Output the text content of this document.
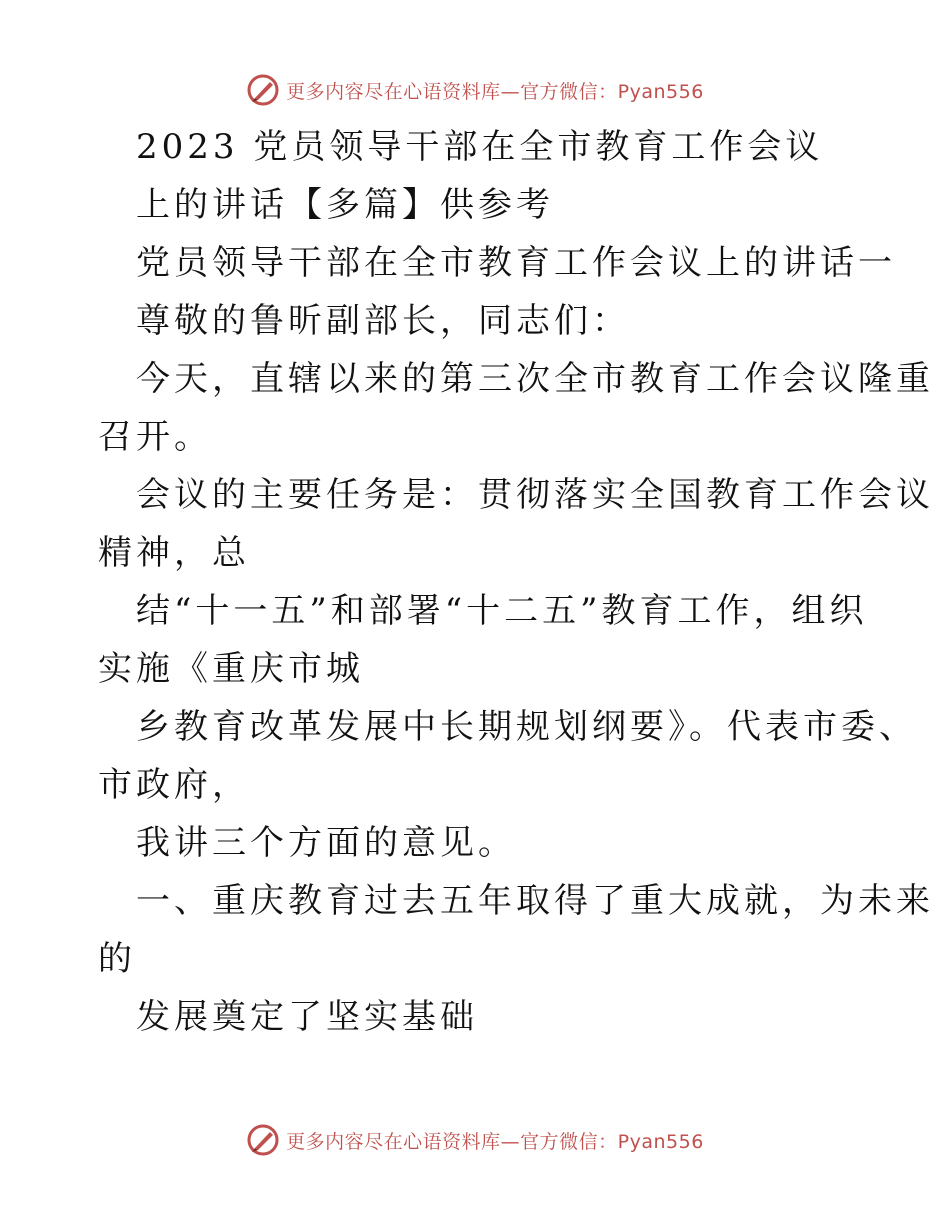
更多内容尽在心语资料库—官方微信：Pyan556
2023 党员领导干部在全市教育工作会议
上的讲话【多篇】供参考
党员领导干部在全市教育工作会议上的讲话一
尊敬的鲁昕副部长，同志们：
今天，直辖以来的第三次全市教育工作会议隆重
召开。
会议的主要任务是：贯彻落实全国教育工作会议
精神，总
结“十一五”和部署“十二五”教育工作，组织
实施《重庆市城
乡教育改革发展中长期规划纲要》。代表市委、
市政府，
我讲三个方面的意见。
一、重庆教育过去五年取得了重大成就，为未来
的
发展奠定了坚实基础
更多内容尽在心语资料库—官方微信：Pyan556
